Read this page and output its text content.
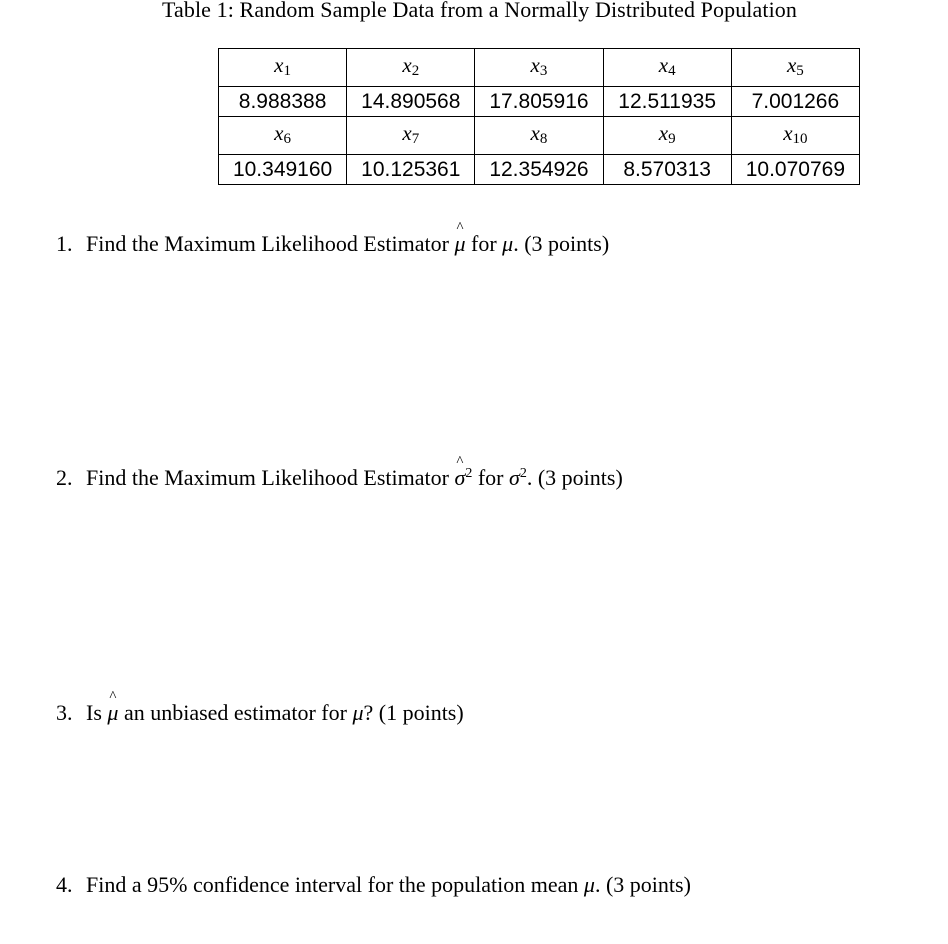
Table 1: Random Sample Data from a Normally Distributed Population
$x_1$	$x_2$	$x_3$	$x_4$	$x_5$
8.988388	14.890568	17.805916	12.511935	7.001266
$x_6$	$x_7$	$x_8$	$x_9$	$x_{10}$
10.349160	10.125361	12.354926	8.570313	10.070769
1. Find the Maximum Likelihood Estimator ^ μ for μ. (3 points)
2. Find the Maximum Likelihood Estimator ^ $\sigma^2$ for $\sigma^2$. (3 points)
3. Is ^ μ an unbiased estimator for μ? (1 points)
4. Find a 95% confidence interval for the population mean μ. (3 points)
